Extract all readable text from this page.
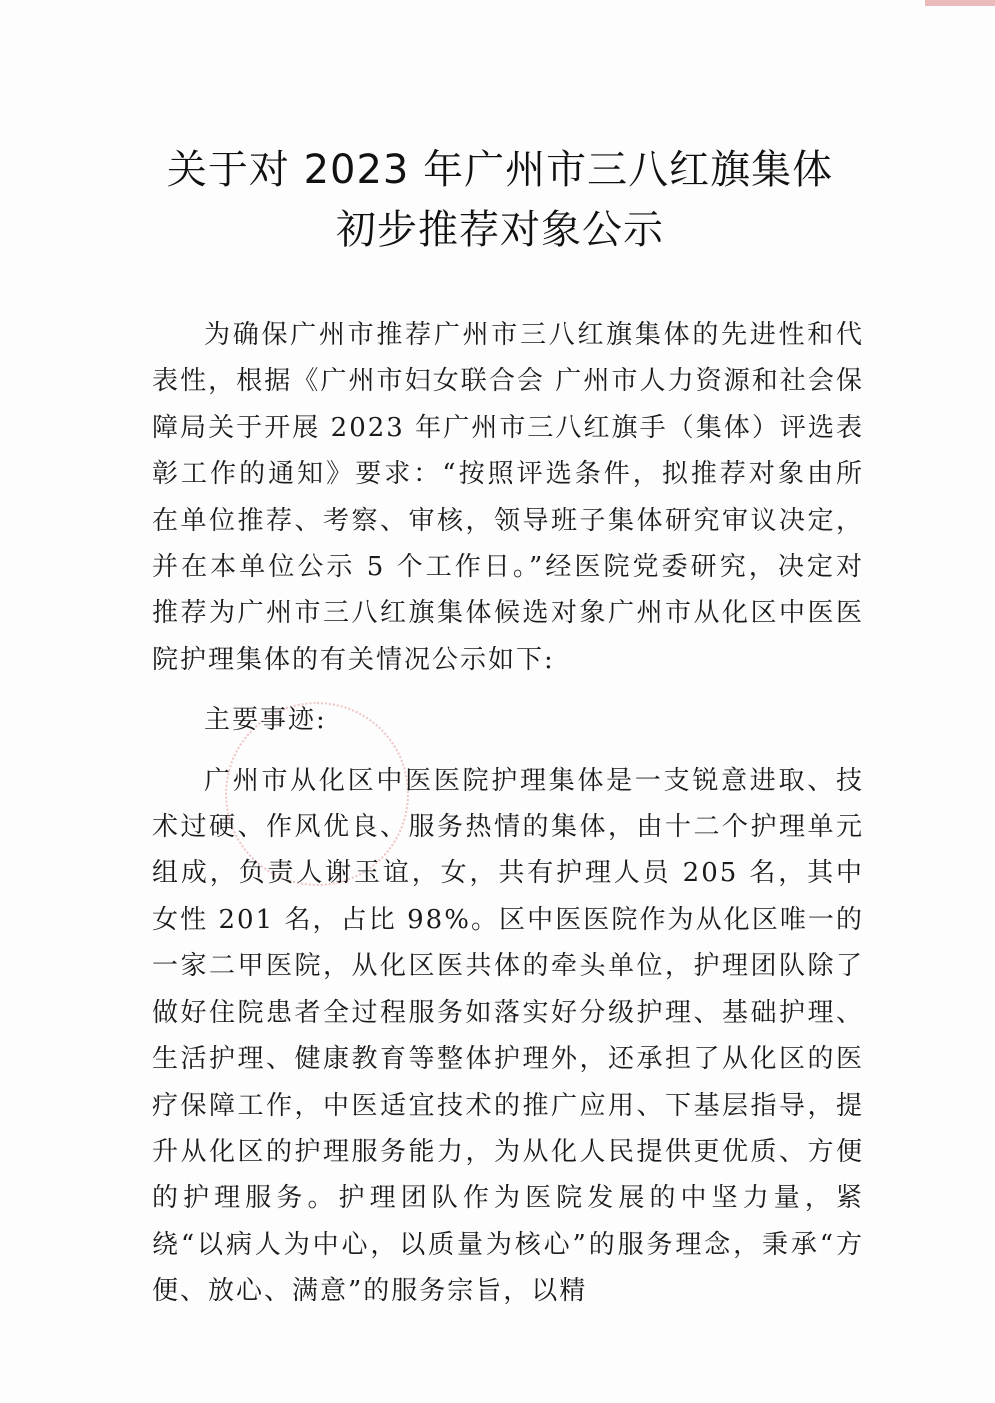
关于对 2023 年广州市三八红旗集体
初步推荐对象公示

为确保广州市推荐广州市三八红旗集体的先进性和代表性，根据《广州市妇女联合会 广州市人力资源和社会保障局关于开展 2023 年广州市三八红旗手（集体）评选表彰工作的通知》要求：“按照评选条件，拟推荐对象由所在单位推荐、考察、审核，领导班子集体研究审议决定，并在本单位公示 5 个工作日。”经医院党委研究，决定对推荐为广州市三八红旗集体候选对象广州市从化区中医医院护理集体的有关情况公示如下:

主要事迹:

广州市从化区中医医院护理集体是一支锐意进取、技术过硬、作风优良、服务热情的集体，由十二个护理单元组成，负责人谢玉谊，女，共有护理人员 205 名，其中女性 201 名，占比 98%。区中医医院作为从化区唯一的一家二甲医院，从化区医共体的牵头单位，护理团队除了做好住院患者全过程服务如落实好分级护理、基础护理、生活护理、健康教育等整体护理外，还承担了从化区的医疗保障工作，中医适宜技术的推广应用、下基层指导，提升从化区的护理服务能力，为从化人民提供更优质、方便的护理服务。护理团队作为医院发展的中坚力量，紧绕“以病人为中心，以质量为核心”的服务理念，秉承“方便、放心、满意”的服务宗旨，以精
